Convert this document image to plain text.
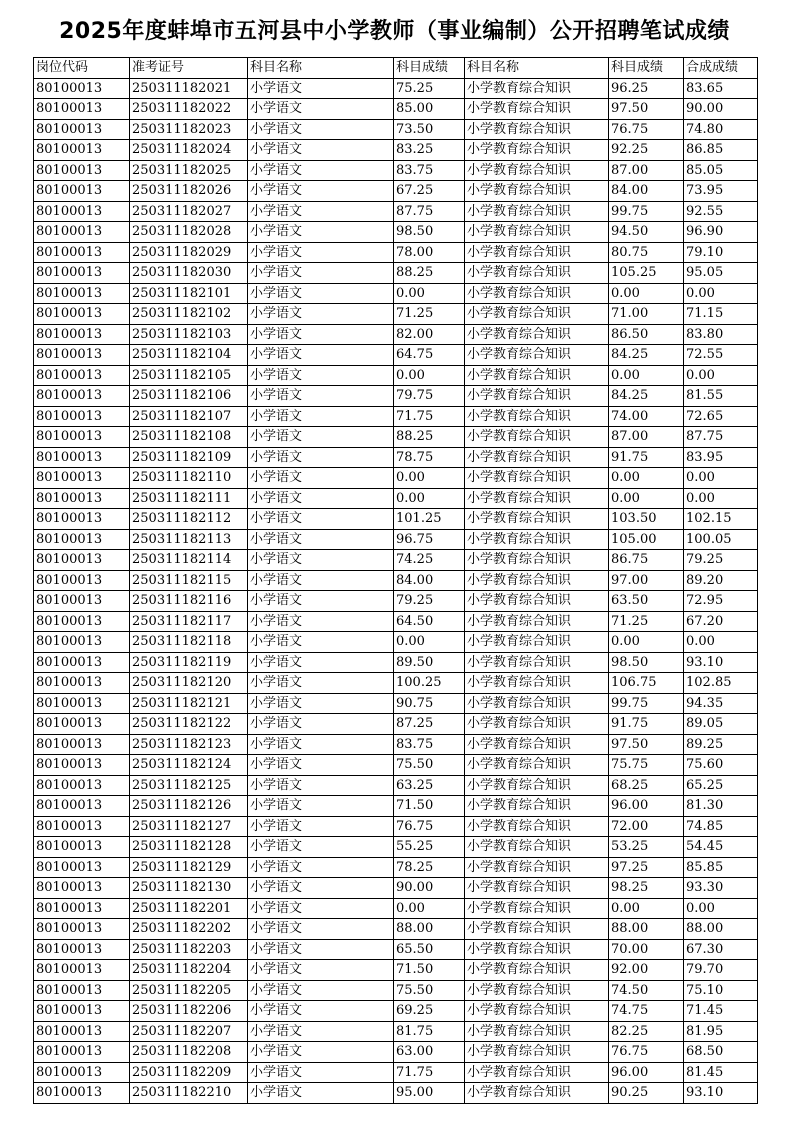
2025年度蚌埠市五河县中小学教师（事业编制）公开招聘笔试成绩
岗位代码	准考证号	科目名称	科目成绩	科目名称	科目成绩	合成成绩
80100013	250311182021	小学语文	75.25	小学教育综合知识	96.25	83.65
80100013	250311182022	小学语文	85.00	小学教育综合知识	97.50	90.00
80100013	250311182023	小学语文	73.50	小学教育综合知识	76.75	74.80
80100013	250311182024	小学语文	83.25	小学教育综合知识	92.25	86.85
80100013	250311182025	小学语文	83.75	小学教育综合知识	87.00	85.05
80100013	250311182026	小学语文	67.25	小学教育综合知识	84.00	73.95
80100013	250311182027	小学语文	87.75	小学教育综合知识	99.75	92.55
80100013	250311182028	小学语文	98.50	小学教育综合知识	94.50	96.90
80100013	250311182029	小学语文	78.00	小学教育综合知识	80.75	79.10
80100013	250311182030	小学语文	88.25	小学教育综合知识	105.25	95.05
80100013	250311182101	小学语文	0.00	小学教育综合知识	0.00	0.00
80100013	250311182102	小学语文	71.25	小学教育综合知识	71.00	71.15
80100013	250311182103	小学语文	82.00	小学教育综合知识	86.50	83.80
80100013	250311182104	小学语文	64.75	小学教育综合知识	84.25	72.55
80100013	250311182105	小学语文	0.00	小学教育综合知识	0.00	0.00
80100013	250311182106	小学语文	79.75	小学教育综合知识	84.25	81.55
80100013	250311182107	小学语文	71.75	小学教育综合知识	74.00	72.65
80100013	250311182108	小学语文	88.25	小学教育综合知识	87.00	87.75
80100013	250311182109	小学语文	78.75	小学教育综合知识	91.75	83.95
80100013	250311182110	小学语文	0.00	小学教育综合知识	0.00	0.00
80100013	250311182111	小学语文	0.00	小学教育综合知识	0.00	0.00
80100013	250311182112	小学语文	101.25	小学教育综合知识	103.50	102.15
80100013	250311182113	小学语文	96.75	小学教育综合知识	105.00	100.05
80100013	250311182114	小学语文	74.25	小学教育综合知识	86.75	79.25
80100013	250311182115	小学语文	84.00	小学教育综合知识	97.00	89.20
80100013	250311182116	小学语文	79.25	小学教育综合知识	63.50	72.95
80100013	250311182117	小学语文	64.50	小学教育综合知识	71.25	67.20
80100013	250311182118	小学语文	0.00	小学教育综合知识	0.00	0.00
80100013	250311182119	小学语文	89.50	小学教育综合知识	98.50	93.10
80100013	250311182120	小学语文	100.25	小学教育综合知识	106.75	102.85
80100013	250311182121	小学语文	90.75	小学教育综合知识	99.75	94.35
80100013	250311182122	小学语文	87.25	小学教育综合知识	91.75	89.05
80100013	250311182123	小学语文	83.75	小学教育综合知识	97.50	89.25
80100013	250311182124	小学语文	75.50	小学教育综合知识	75.75	75.60
80100013	250311182125	小学语文	63.25	小学教育综合知识	68.25	65.25
80100013	250311182126	小学语文	71.50	小学教育综合知识	96.00	81.30
80100013	250311182127	小学语文	76.75	小学教育综合知识	72.00	74.85
80100013	250311182128	小学语文	55.25	小学教育综合知识	53.25	54.45
80100013	250311182129	小学语文	78.25	小学教育综合知识	97.25	85.85
80100013	250311182130	小学语文	90.00	小学教育综合知识	98.25	93.30
80100013	250311182201	小学语文	0.00	小学教育综合知识	0.00	0.00
80100013	250311182202	小学语文	88.00	小学教育综合知识	88.00	88.00
80100013	250311182203	小学语文	65.50	小学教育综合知识	70.00	67.30
80100013	250311182204	小学语文	71.50	小学教育综合知识	92.00	79.70
80100013	250311182205	小学语文	75.50	小学教育综合知识	74.50	75.10
80100013	250311182206	小学语文	69.25	小学教育综合知识	74.75	71.45
80100013	250311182207	小学语文	81.75	小学教育综合知识	82.25	81.95
80100013	250311182208	小学语文	63.00	小学教育综合知识	76.75	68.50
80100013	250311182209	小学语文	71.75	小学教育综合知识	96.00	81.45
80100013	250311182210	小学语文	95.00	小学教育综合知识	90.25	93.10
